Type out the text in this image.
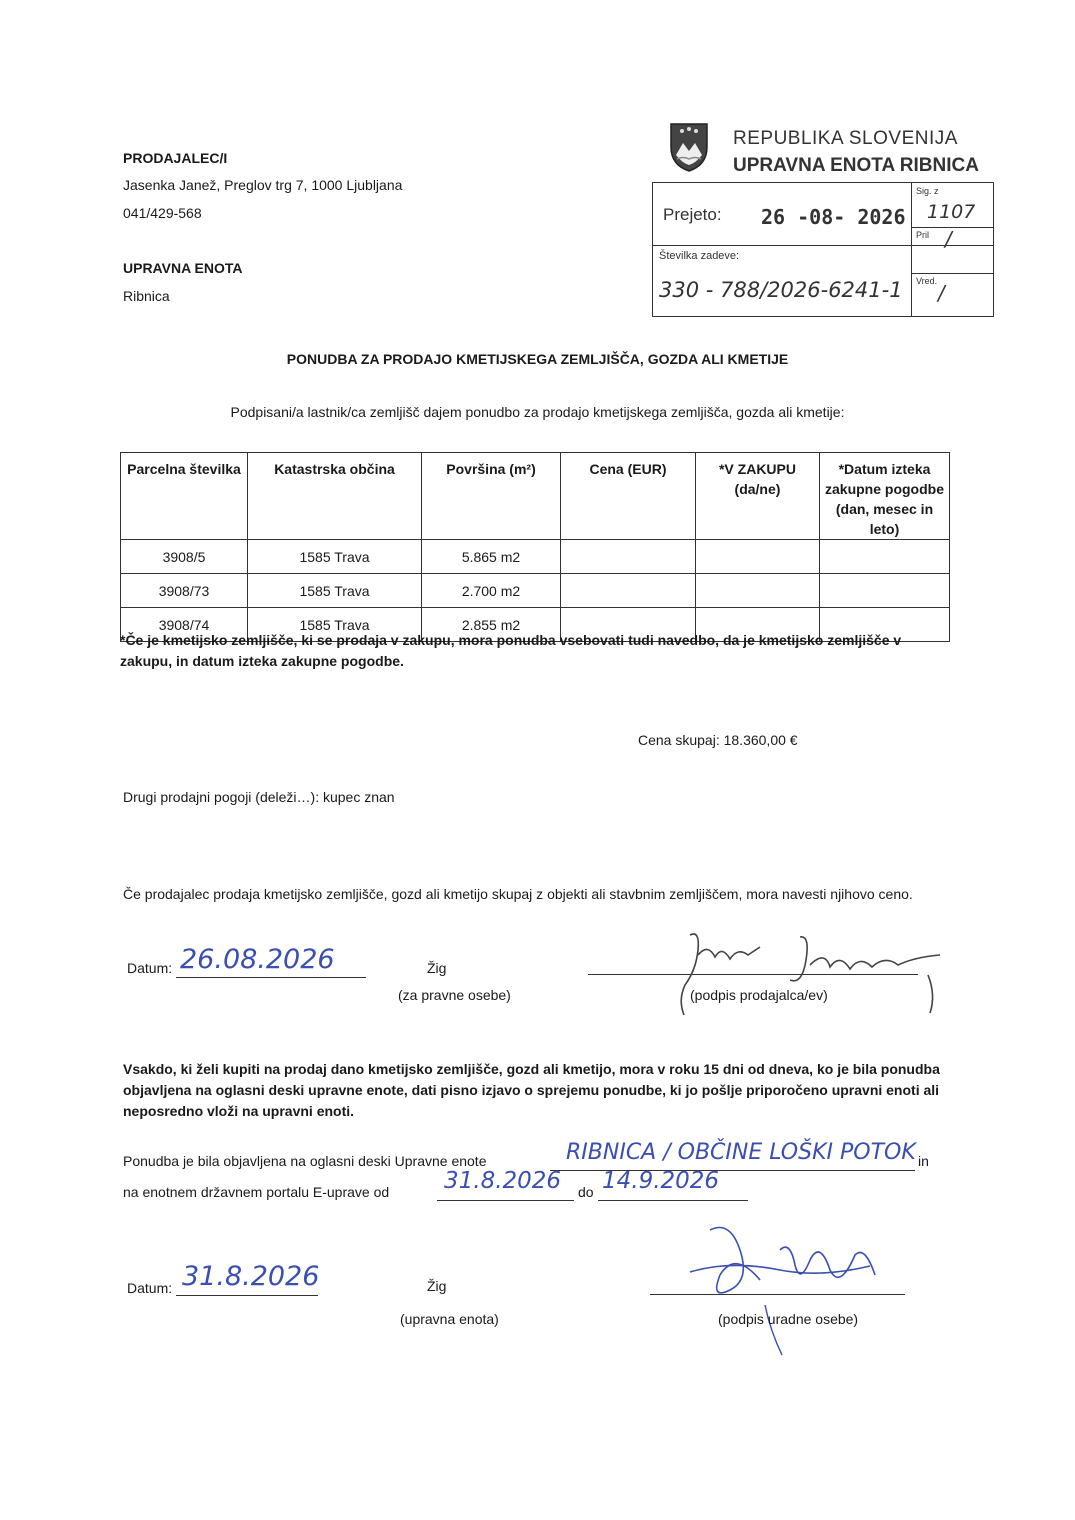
PRODAJALEC/I
Jasenka Janež, Preglov trg 7, 1000 Ljubljana
041/429-568
UPRAVNA ENOTA
Ribnica
REPUBLIKA SLOVENIJA
UPRAVNA ENOTA RIBNICA
Prejeto: 26 -08- 2026
Številka zadeve:
330 - 788/2026-6241-1
Sig. z
1107
Pril /
Vred. /
PONUDBA ZA PRODAJO KMETIJSKEGA ZEMLJIŠČA, GOZDA ALI KMETIJE
Podpisani/a lastnik/ca zemljišč dajem ponudbo za prodajo kmetijskega zemljišča, gozda ali kmetije:
Parcelna številka	Katastrska občina	Površina (m²)	Cena (EUR)	*V ZAKUPU (da/ne)	*Datum izteka zakupne pogodbe (dan, mesec in leto)
3908/5	1585 Trava	5.865 m2			
3908/73	1585 Trava	2.700 m2			
3908/74	1585 Trava	2.855 m2			
*Če je kmetijsko zemljišče, ki se prodaja v zakupu, mora ponudba vsebovati tudi navedbo, da je kmetijsko zemljišče v zakupu, in datum izteka zakupne pogodbe.
Cena skupaj: 18.360,00 €
Drugi prodajni pogoji (deleži…): kupec znan
Če prodajalec prodaja kmetijsko zemljišče, gozd ali kmetijo skupaj z objekti ali stavbnim zemljiščem, mora navesti njihovo ceno.
Datum: 26.08.2026	Žig
(za pravne osebe)	(podpis prodajalca/ev)
Vsakdo, ki želi kupiti na prodaj dano kmetijsko zemljišče, gozd ali kmetijo, mora v roku 15 dni od dneva, ko je bila ponudba objavljena na oglasni deski upravne enote, dati pisno izjavo o sprejemu ponudbe, ki jo pošlje priporočeno upravni enoti ali neposredno vloži na upravni enoti.
Ponudba je bila objavljena na oglasni deski Upravne enote	RIBNICA / OBČINE LOŠKI POTOK in
na enotnem državnem portalu E-uprave od 31.8.2026 do 14.9.2026
Datum: 31.8.2026	Žig
(upravna enota)	(podpis uradne osebe)
